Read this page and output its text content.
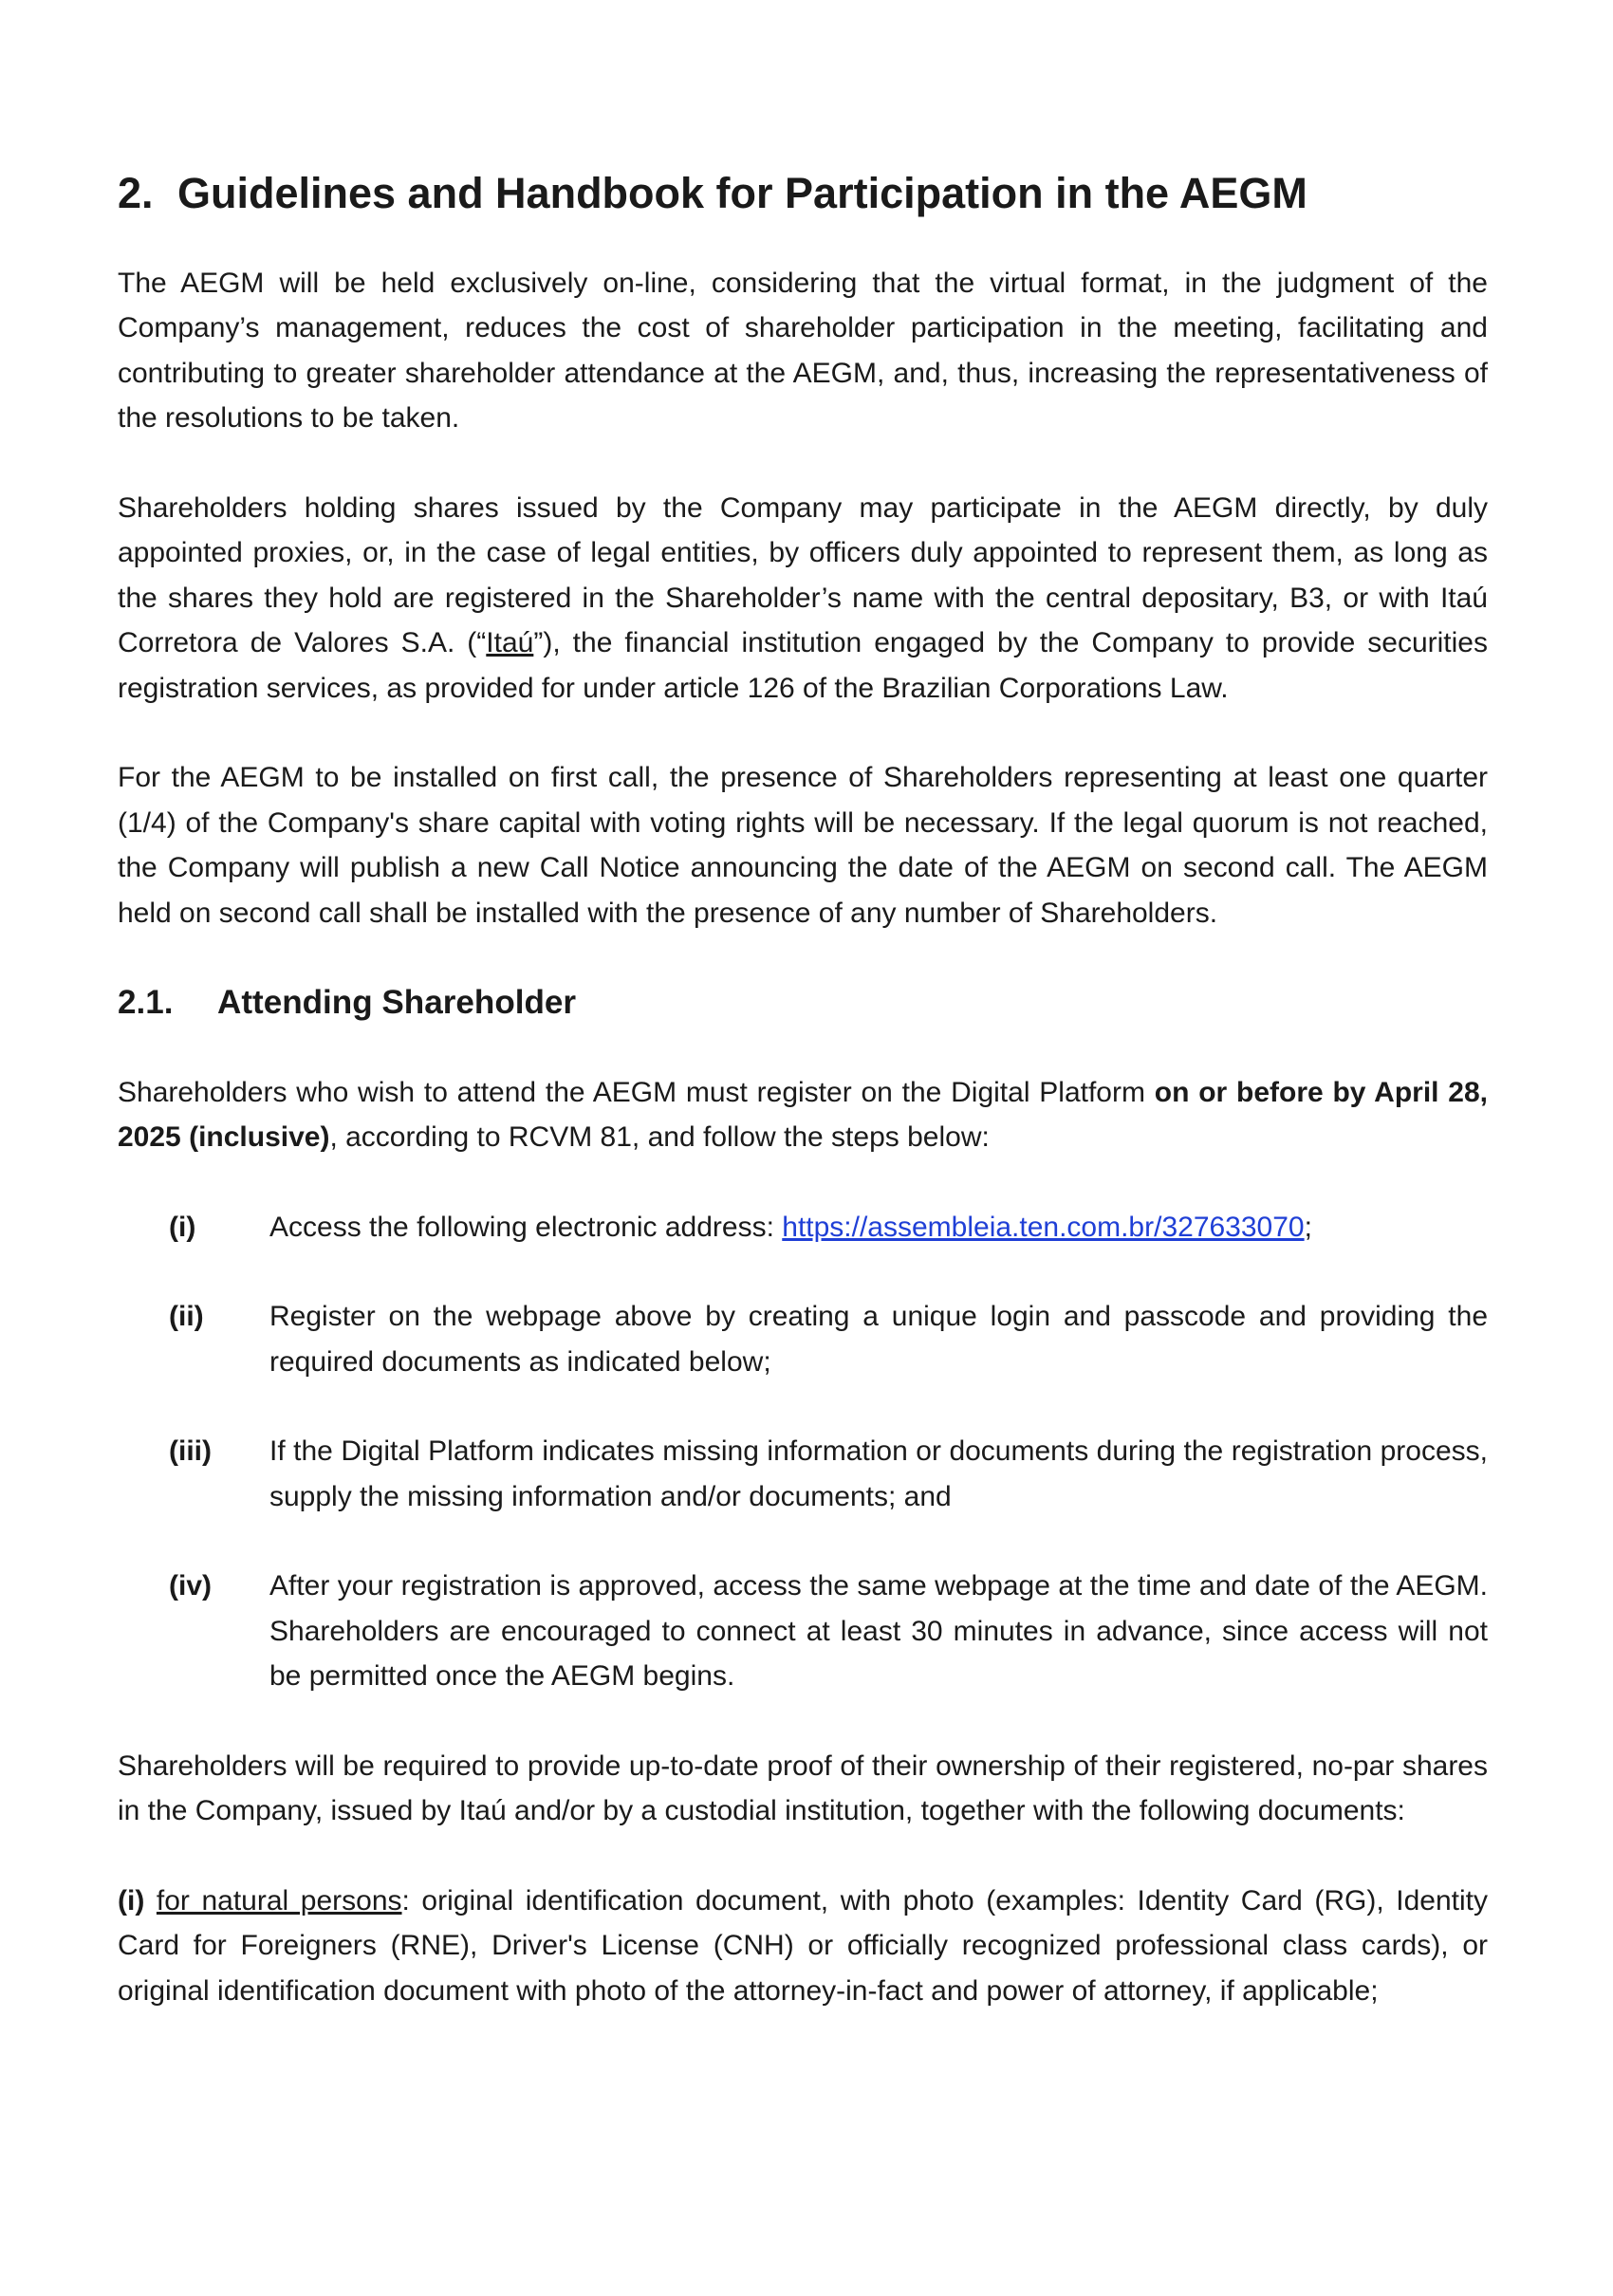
2. Guidelines and Handbook for Participation in the AEGM

The AEGM will be held exclusively on-line, considering that the virtual format, in the judgment of the Company’s management, reduces the cost of shareholder participation in the meeting, facilitating and contributing to greater shareholder attendance at the AEGM, and, thus, increasing the representativeness of the resolutions to be taken.

Shareholders holding shares issued by the Company may participate in the AEGM directly, by duly appointed proxies, or, in the case of legal entities, by officers duly appointed to represent them, as long as the shares they hold are registered in the Shareholder’s name with the central depositary, B3, or with Itaú Corretora de Valores S.A. (“Itaú”), the financial institution engaged by the Company to provide securities registration services, as provided for under article 126 of the Brazilian Corporations Law.

For the AEGM to be installed on first call, the presence of Shareholders representing at least one quarter (1/4) of the Company's share capital with voting rights will be necessary. If the legal quorum is not reached, the Company will publish a new Call Notice announcing the date of the AEGM on second call. The AEGM held on second call shall be installed with the presence of any number of Shareholders.

2.1.	Attending Shareholder

Shareholders who wish to attend the AEGM must register on the Digital Platform on or before by April 28, 2025 (inclusive), according to RCVM 81, and follow the steps below:

(i)	Access the following electronic address: https://assembleia.ten.com.br/327633070;
(ii)	Register on the webpage above by creating a unique login and passcode and providing the required documents as indicated below;
(iii)	If the Digital Platform indicates missing information or documents during the registration process, supply the missing information and/or documents; and
(iv)	After your registration is approved, access the same webpage at the time and date of the AEGM. Shareholders are encouraged to connect at least 30 minutes in advance, since access will not be permitted once the AEGM begins.

Shareholders will be required to provide up-to-date proof of their ownership of their registered, no-par shares in the Company, issued by Itaú and/or by a custodial institution, together with the following documents:

(i) for natural persons: original identification document, with photo (examples: Identity Card (RG), Identity Card for Foreigners (RNE), Driver's License (CNH) or officially recognized professional class cards), or original identification document with photo of the attorney-in-fact and power of attorney, if applicable;
